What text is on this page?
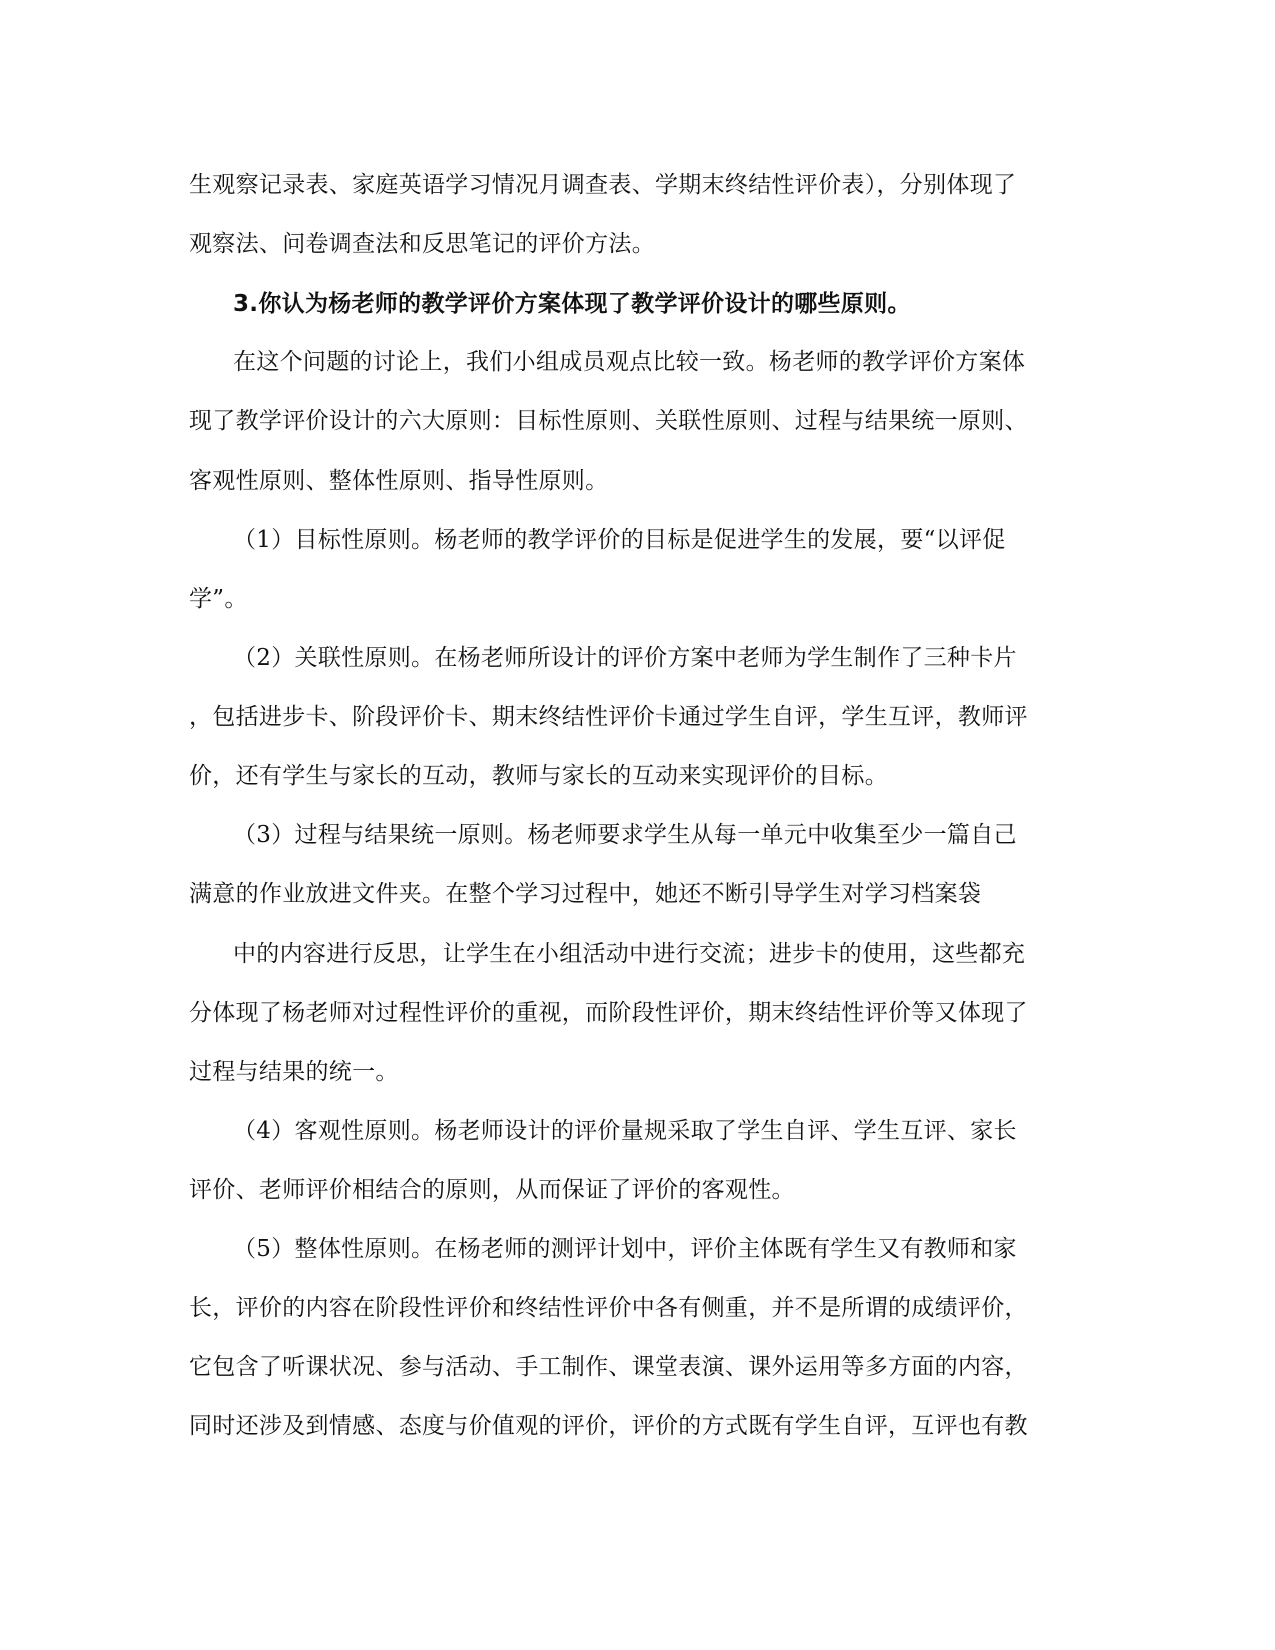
生观察记录表、家庭英语学习情况月调查表、学期末终结性评价表），分别体现了
观察法、问卷调查法和反思笔记的评价方法。
3.你认为杨老师的教学评价方案体现了教学评价设计的哪些原则。
在这个问题的讨论上，我们小组成员观点比较一致。杨老师的教学评价方案体
现了教学评价设计的六大原则：目标性原则、关联性原则、过程与结果统一原则、
客观性原则、整体性原则、指导性原则。
（1）目标性原则。杨老师的教学评价的目标是促进学生的发展，要“以评促
学”。
（2）关联性原则。在杨老师所设计的评价方案中老师为学生制作了三种卡片
，包括进步卡、阶段评价卡、期末终结性评价卡通过学生自评，学生互评，教师评
价，还有学生与家长的互动，教师与家长的互动来实现评价的目标。
（3）过程与结果统一原则。杨老师要求学生从每一单元中收集至少一篇自己
满意的作业放进文件夹。在整个学习过程中，她还不断引导学生对学习档案袋
中的内容进行反思，让学生在小组活动中进行交流；进步卡的使用，这些都充
分体现了杨老师对过程性评价的重视，而阶段性评价，期末终结性评价等又体现了
过程与结果的统一。
（4）客观性原则。杨老师设计的评价量规采取了学生自评、学生互评、家长
评价、老师评价相结合的原则，从而保证了评价的客观性。
（5）整体性原则。在杨老师的测评计划中，评价主体既有学生又有教师和家
长，评价的内容在阶段性评价和终结性评价中各有侧重，并不是所谓的成绩评价，
它包含了听课状况、参与活动、手工制作、课堂表演、课外运用等多方面的内容，
同时还涉及到情感、态度与价值观的评价，评价的方式既有学生自评，互评也有教
